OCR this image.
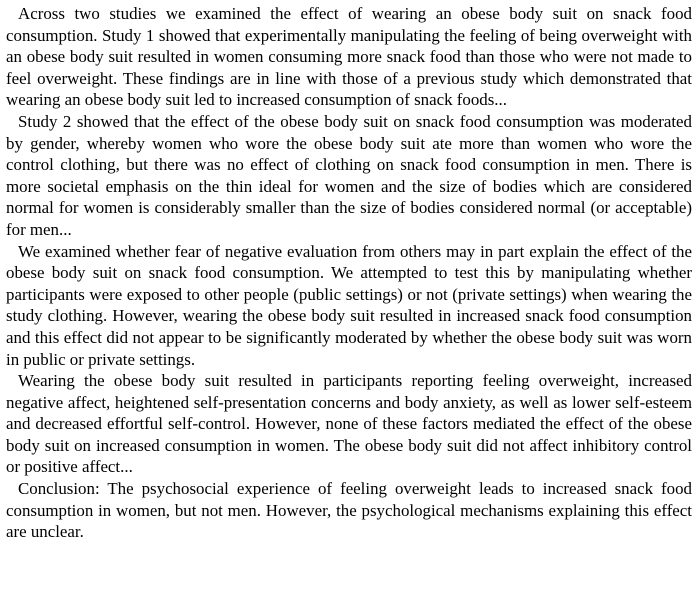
Across two studies we examined the effect of wearing an obese body suit on snack food consumption. Study 1 showed that experimentally manipulating the feeling of being overweight with an obese body suit resulted in women consuming more snack food than those who were not made to feel overweight. These findings are in line with those of a previous study which demonstrated that wearing an obese body suit led to increased consumption of snack foods...

Study 2 showed that the effect of the obese body suit on snack food consumption was moderated by gender, whereby women who wore the obese body suit ate more than women who wore the control clothing, but there was no effect of clothing on snack food consumption in men. There is more societal emphasis on the thin ideal for women and the size of bodies which are considered normal for women is considerably smaller than the size of bodies considered normal (or acceptable) for men...

We examined whether fear of negative evaluation from others may in part explain the effect of the obese body suit on snack food consumption. We attempted to test this by manipulating whether participants were exposed to other people (public settings) or not (private settings) when wearing the study clothing. However, wearing the obese body suit resulted in increased snack food consumption and this effect did not appear to be significantly moderated by whether the obese body suit was worn in public or private settings.

Wearing the obese body suit resulted in participants reporting feeling overweight, increased negative affect, heightened self-presentation concerns and body anxiety, as well as lower self-esteem and decreased effortful self-control. However, none of these factors mediated the effect of the obese body suit on increased consumption in women. The obese body suit did not affect inhibitory control or positive affect...

Conclusion: The psychosocial experience of feeling overweight leads to increased snack food consumption in women, but not men. However, the psychological mechanisms explaining this effect are unclear.
